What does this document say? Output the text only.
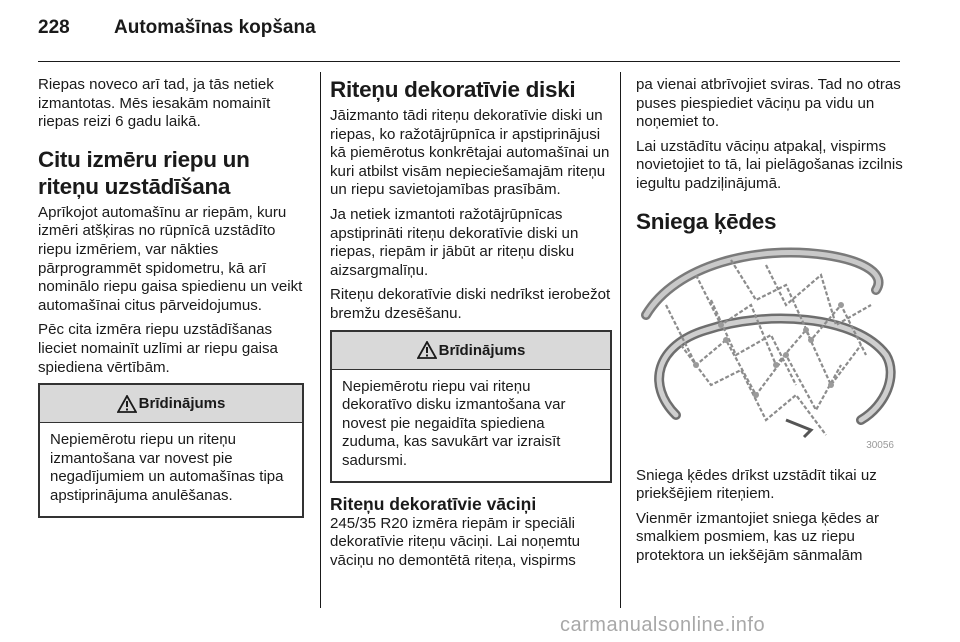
228	Automašīnas kopšana

Riepas noveco arī tad, ja tās netiek izmantotas. Mēs iesakām nomainīt riepas reizi 6 gadu laikā.

Citu izmēru riepu un riteņu uzstādīšana

Aprīkojot automašīnu ar riepām, kuru izmēri atšķiras no rūpnīcā uzstādīto riepu izmēriem, var nākties pārprogrammēt spidometru, kā arī nominālo riepu gaisa spiedienu un veikt automašīnai citus pārveidojumus.

Pēc cita izmēra riepu uzstādīšanas lieciet nomainīt uzlīmi ar riepu gaisa spiediena vērtībām.

Brīdinājums
Nepiemērotu riepu un riteņu izmantošana var novest pie negadījumiem un automašīnas tipa apstiprinājuma anulēšanas.
Riteņu dekoratīvie diski

Jāizmanto tādi riteņu dekoratīvie diski un riepas, ko ražotājrūpnīca ir apstiprinājusi kā piemērotus konkrētajai automašīnai un kuri atbilst visām nepieciešamajām riteņu un riepu savietojamības prasībām.

Ja netiek izmantoti ražotājrūpnīcas apstiprināti riteņu dekoratīvie diski un riepas, riepām ir jābūt ar riteņu disku aizsargmalīņu.

Riteņu dekoratīvie diski nedrīkst ierobežot bremžu dzesēšanu.

Brīdinājums
Nepiemērotu riepu vai riteņu dekoratīvo disku izmantošana var novest pie negaidīta spiediena zuduma, kas savukārt var izraisīt sadursmi.
Riteņu dekoratīvie vāciņi

245/35 R20 izmēra riepām ir speciāli dekoratīvie riteņu vāciņi. Lai noņemtu vāciņu no demontētā riteņa, vispirms

pa vienai atbrīvojiet sviras. Tad no otras puses piespiediet vāciņu pa vidu un noņemiet to.

Lai uzstādītu vāciņu atpakaļ, vispirms novietojiet to tā, lai pielāgošanas izcilnis iegultu padziļinājumā.

Sniega ķēdes
30056

Sniega ķēdes drīkst uzstādīt tikai uz priekšējiem riteņiem.

Vienmēr izmantojiet sniega ķēdes ar smalkiem posmiem, kas uz riepu protektora un iekšējām sānmalām

carmanualsonline.info
